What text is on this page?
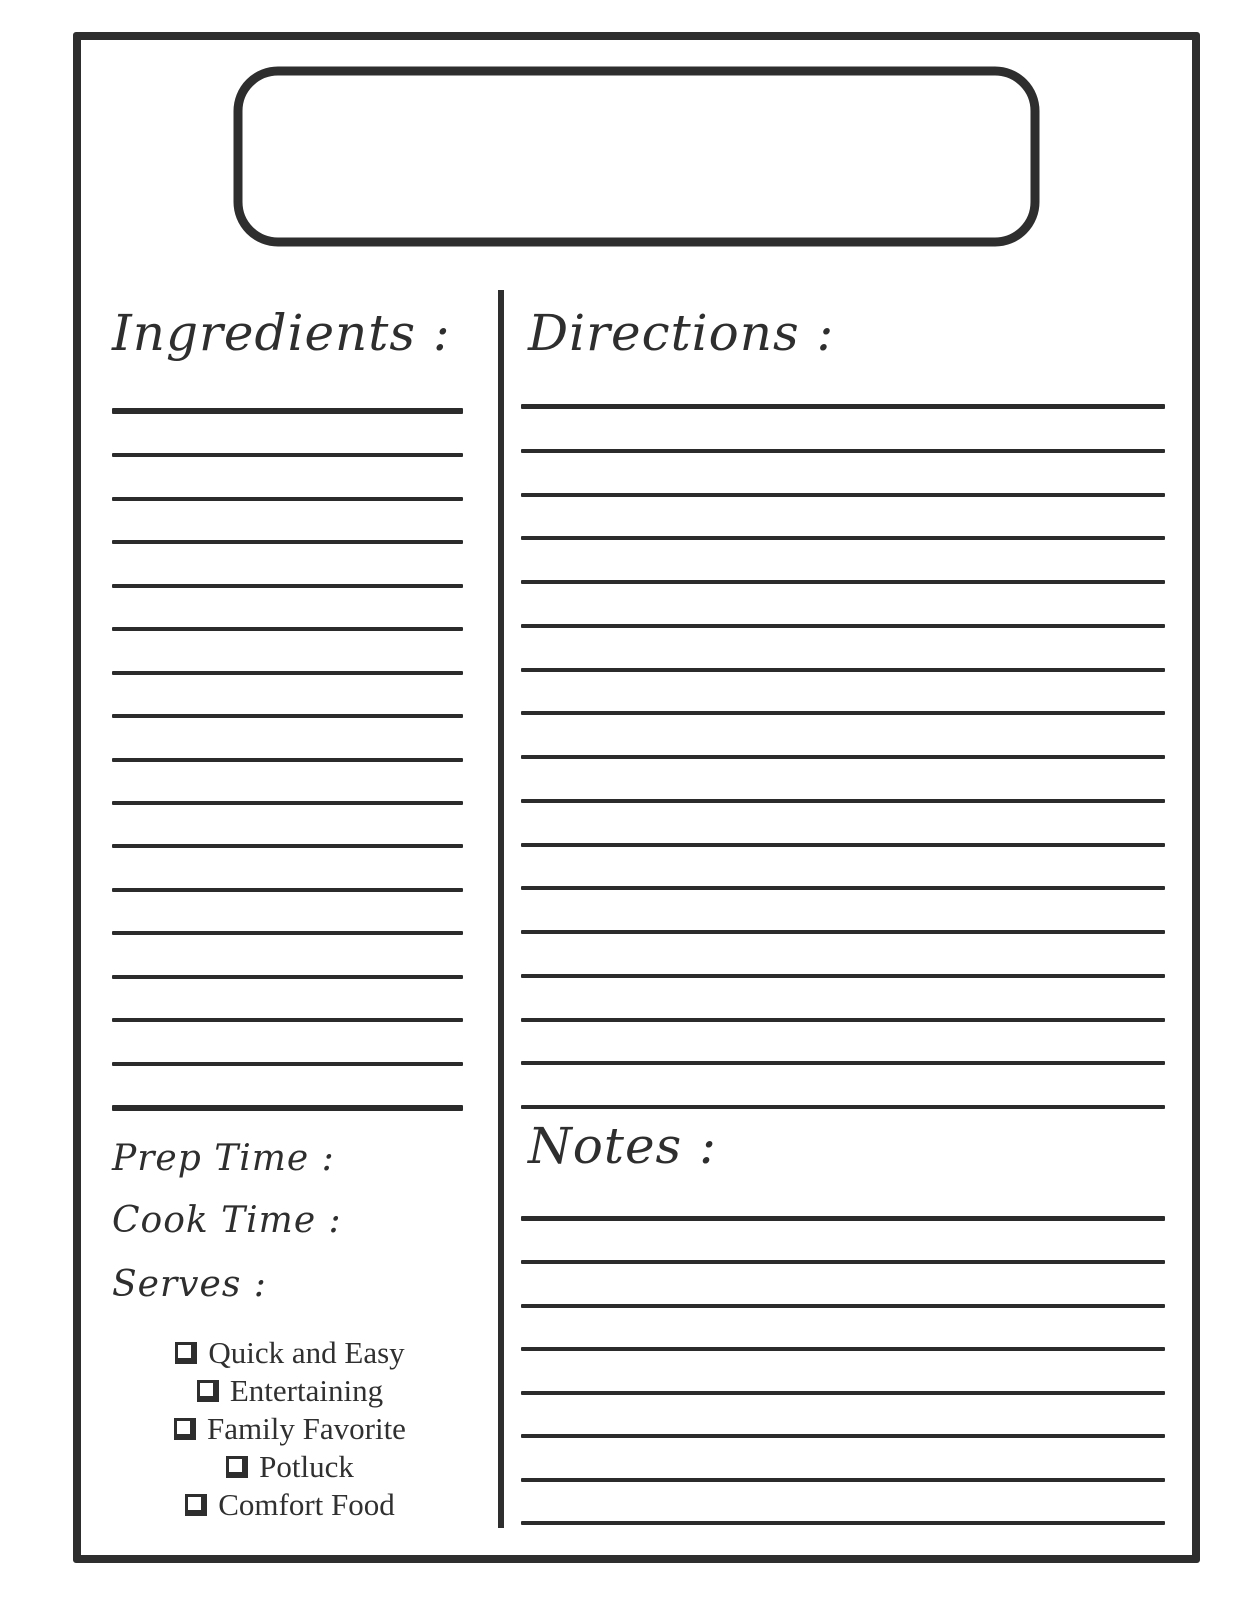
Ingredients : Directions :
Notes :
Prep Time :
Cook Time :
Serves :
Quick and Easy
Entertaining
Family Favorite
Potluck
Comfort Food
